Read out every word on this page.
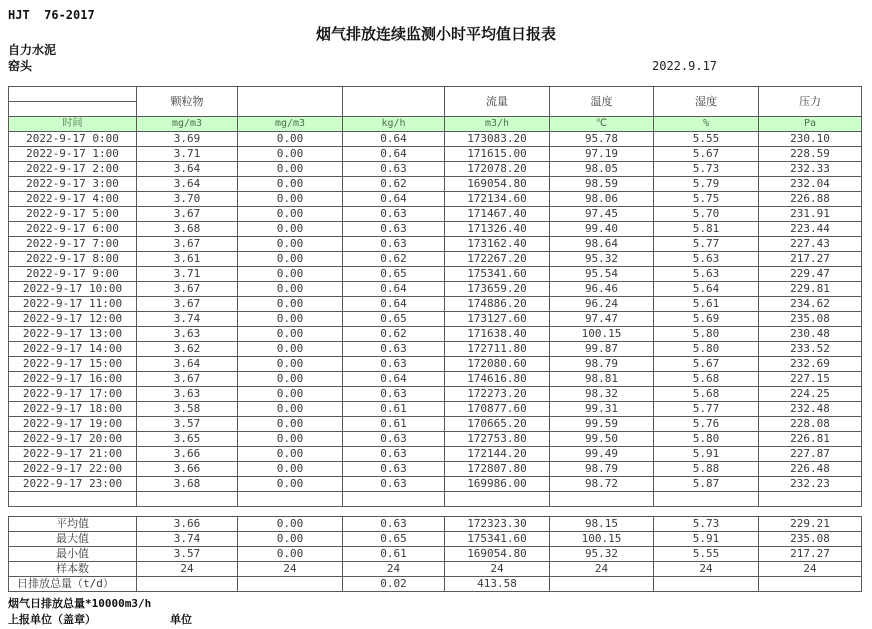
HJT  76-2017
烟气排放连续监测小时平均值日报表
自力水泥
窑头	2022.9.17
	颗粒物			流量	温度	湿度	压力

时间	mg/m3	mg/m3	kg/h	m3/h	℃	%	Pa
2022-9-17 0:00	3.69	0.00	0.64	173083.20	95.78	5.55	230.10
2022-9-17 1:00	3.71	0.00	0.64	171615.00	97.19	5.67	228.59
2022-9-17 2:00	3.64	0.00	0.63	172078.20	98.05	5.73	232.33
2022-9-17 3:00	3.64	0.00	0.62	169054.80	98.59	5.79	232.04
2022-9-17 4:00	3.70	0.00	0.64	172134.60	98.06	5.75	226.88
2022-9-17 5:00	3.67	0.00	0.63	171467.40	97.45	5.70	231.91
2022-9-17 6:00	3.68	0.00	0.63	171326.40	99.40	5.81	223.44
2022-9-17 7:00	3.67	0.00	0.63	173162.40	98.64	5.77	227.43
2022-9-17 8:00	3.61	0.00	0.62	172267.20	95.32	5.63	217.27
2022-9-17 9:00	3.71	0.00	0.65	175341.60	95.54	5.63	229.47
2022-9-17 10:00	3.67	0.00	0.64	173659.20	96.46	5.64	229.81
2022-9-17 11:00	3.67	0.00	0.64	174886.20	96.24	5.61	234.62
2022-9-17 12:00	3.74	0.00	0.65	173127.60	97.47	5.69	235.08
2022-9-17 13:00	3.63	0.00	0.62	171638.40	100.15	5.80	230.48
2022-9-17 14:00	3.62	0.00	0.63	172711.80	99.87	5.80	233.52
2022-9-17 15:00	3.64	0.00	0.63	172080.60	98.79	5.67	232.69
2022-9-17 16:00	3.67	0.00	0.64	174616.80	98.81	5.68	227.15
2022-9-17 17:00	3.63	0.00	0.63	172273.20	98.32	5.68	224.25
2022-9-17 18:00	3.58	0.00	0.61	170877.60	99.31	5.77	232.48
2022-9-17 19:00	3.57	0.00	0.61	170665.20	99.59	5.76	228.08
2022-9-17 20:00	3.65	0.00	0.63	172753.80	99.50	5.80	226.81
2022-9-17 21:00	3.66	0.00	0.63	172144.20	99.49	5.91	227.87
2022-9-17 22:00	3.66	0.00	0.63	172807.80	98.79	5.88	226.48
2022-9-17 23:00	3.68	0.00	0.63	169986.00	98.72	5.87	232.23

平均值	3.66	0.00	0.63	172323.30	98.15	5.73	229.21
最大值	3.74	0.00	0.65	175341.60	100.15	5.91	235.08
最小值	3.57	0.00	0.61	169054.80	95.32	5.55	217.27
样本数	24	24	24	24	24	24	24
日排放总量（t/d）			0.02	413.58			
烟气日排放总量*10000m3/h
上报单位（盖章）	单位
